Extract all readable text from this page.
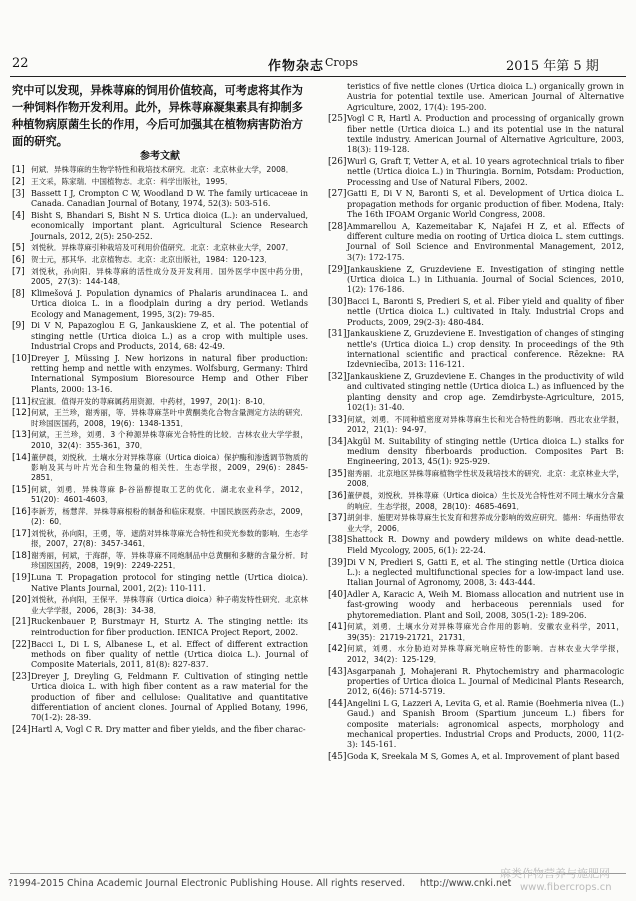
22	作物杂志 Crops	2015 年第 5 期

究中可以发现，异株荨麻的饲用价值较高，可考虑将其作为一种饲料作物开发利用。此外，异株荨麻凝集素具有抑制多种植物病原菌生长的作用，今后可加强其在植物病害防治方面的研究。

参考文献
[1] 何斌．异株荨麻的生物学特性和栽培技术研究．北京：北京林业大学，2008．
[2] 王文采，陈家瑞．中国植物志．北京：科学出版社，1995．
[3] Bassett I J, Crompton C W, Woodland D W. The family urticaceae in Canada. Canadian Journal of Botany, 1974, 52(3): 503-516.
[4] Bisht S, Bhandari S, Bisht N S. Urtica dioica (L.): an undervalued, economically important plant. Agricultural Science Research Journals, 2012, 2(5): 250-252.
[5] 刘悦秋．异株荨麻引种栽培及可利用价值研究．北京：北京林业大学，2007．
[6] 贺士元，那其华．北京植物志．北京：北京出版社，1984：120-123．
[7] 刘悦秋，孙向阳．异株荨麻的活性成分及开发利用．国外医学中医中药分册，2005，27(3)：144-148．
[8] Klimešová J. Population dynamics of Phalaris arundinacea L. and Urtica dioica L. in a floodplain during a dry period. Wetlands Ecology and Management, 1995, 3(2): 79-85.
[9] Di V N, Papazoglou E G, Jankauskiene Z, et al. The potential of stinging nettle (Urtica dioica L.) as a crop with multiple uses. Industrial Crops and Products, 2014, 68: 42-49.
[10] Dreyer J, Müssing J. New horizons in natural fiber production: retting hemp and nettle with enzymes. Wolfsburg, Germany: Third International Symposium Bioresource Hemp and Other Fiber Plants, 2000: 13-16.
[11] 权宜淑．值得开发的荨麻属药用资源．中药材，1997，20(1)：8-10．
[12] 何斌，王兰珍，谢秀丽，等．异株荨麻茎叶中黄酮类化合物含量测定方法的研究．时珍国医国药，2008，19(6)：1348-1351．
[13] 何斌，王兰珍，刘勇．3 个种源异株荨麻光合特性的比较．吉林农业大学学报，2010，32(4)：355-361，370．
[14] 董伊晨，刘悦秋．土壤水分对异株荨麻（Urtica dioica）保护酶和渗透调节物质的影响及其与叶片光合和生物量的相关性．生态学报，2009，29(6)：2845-2851．
[15] 何斌，刘勇．异株荨麻 β-谷甾醇提取工艺的优化．湖北农业科学，2012，51(20)：4601-4603．
[16] 李新芳，杨慧萍．异株荨麻根粉的制备和临床观察．中国民族医药杂志，2009，(2)：60．
[17] 刘悦秋，孙向阳，王勇，等．遮荫对异株荨麻光合特性和荧光参数的影响．生态学报，2007，27(8)：3457-3461．
[18] 谢秀丽，何斌，于海群，等．异株荨麻不同炮制品中总黄酮和多糖的含量分析．时珍国医国药，2008，19(9)：2249-2251．
[19] Luna T. Propagation protocol for stinging nettle (Urtica dioica). Native Plants Journal, 2001, 2(2): 110-111.
[20] 刘悦秋，孙向阳，王保平．异株荨麻（Urtica dioica）种子萌发特性研究．北京林业大学学报，2006，28(3)：34-38．
[21] Ruckenbauer P, Burstmayr H, Sturtz A. The stinging nettle: its reintroduction for fiber production. IENICA Project Report, 2002.
[22] Bacci L, Di L S, Albanese L, et al. Effect of different extraction methods on fiber quality of nettle (Urtica dioica L.). Journal of Composite Materials, 2011, 81(8): 827-837.
[23] Dreyer J, Dreyling G, Feldmann F. Cultivation of stinging nettle Urtica dioica L. with high fiber content as a raw material for the production of fiber and cellulose: Qualitative and quantitative differentiation of ancient clones. Journal of Applied Botany, 1996, 70(1-2): 28-39.
[24] Hartl A, Vogl C R. Dry matter and fiber yields, and the fiber charac-
teristics of five nettle clones (Urtica dioica L.) organically grown in Austria for potential textile use. American Journal of Alternative Agriculture, 2002, 17(4): 195-200.
[25] Vogl C R, Hartl A. Production and processing of organically grown fiber nettle (Urtica dioica L.) and its potential use in the natural textile industry. American Journal of Alternative Agriculture, 2003, 18(3): 119-128.
[26] Wurl G, Graft T, Vetter A, et al. 10 years agrotechnical trials to fiber nettle (Urtica dioica L.) in Thuringia. Bornim, Potsdam: Production, Processing and Use of Natural Fibers, 2002.
[27] Gatti E, Di V N, Baronti S, et al. Development of Urtica dioica L. propagation methods for organic production of fiber. Modena, Italy: The 16th IFOAM Organic World Congress, 2008.
[28] Ammarellou A, Kazemeitabar K, Najafei H Z, et al. Effects of different culture media on rooting of Urtica dioica L. stem cuttings. Journal of Soil Science and Environmental Management, 2012, 3(7): 172-175.
[29] Jankauskiene Z, Gruzdeviene E. Investigation of stinging nettle (Urtica dioica L.) in Lithuania. Journal of Social Sciences, 2010, 1(2): 176-186.
[30] Bacci L, Baronti S, Predieri S, et al. Fiber yield and quality of fiber nettle (Urtica dioica L.) cultivated in Italy. Industrial Crops and Products, 2009, 29(2-3): 480-484.
[31] Jankauskiene Z, Gruzdeviene E. Investigation of changes of stinging nettle's (Urtica dioica L.) crop density. In proceedings of the 9th international scientific and practical conference. Rēzekne: RA Izdevniecība, 2013: 116-121.
[32] Jankauskiene Z, Gruzdeviene E. Changes in the productivity of wild and cultivated stinging nettle (Urtica dioica L.) as influenced by the planting density and crop age. Zemdirbyste-Agriculture, 2015, 102(1): 31-40.
[33] 何斌，刘勇．不同种植密度对异株荨麻生长和光合特性的影响．西北农业学报，2012，21(1)：94-97．
[34] Akgül M. Suitability of stinging nettle (Urtica dioica L.) stalks for medium density fiberboards production. Composites Part B: Engineering, 2013, 45(1): 925-929.
[35] 谢秀丽．北京地区异株荨麻植物学性状及栽培技术的研究．北京：北京林业大学，2008．
[36] 董伊晨，刘悦秋．异株荨麻（Urtica dioica）生长及光合特性对不同土壤水分含量的响应．生态学报，2008，28(10)：4685-4691．
[37] 胡剑非．施肥对异株荨麻生长发育和营养成分影响的效应研究．德州：华南热带农业大学，2006．
[38] Shattock R. Downy and powdery mildews on white dead-nettle. Field Mycology, 2005, 6(1): 22-24.
[39] Di V N, Predieri S, Gatti E, et al. The stinging nettle (Urtica dioica L.): a neglected multifunctional species for a low-impact land use. Italian Journal of Agronomy, 2008, 3: 443-444.
[40] Adler A, Karacic A, Weih M. Biomass allocation and nutrient use in fast-growing woody and herbaceous perennials used for phytoremediation. Plant and Soil, 2008, 305(1-2): 189-206.
[41] 何斌，刘勇．土壤水分对异株荨麻光合作用的影响．安徽农业科学，2011，39(35)：21719-21721，21731．
[42] 何斌，刘勇．水分胁迫对异株荨麻光响应特性的影响．吉林农业大学学报，2012，34(2)：125-129．
[43] Asgarpanah J, Mohajerani R. Phytochemistry and pharmacologic properties of Urtica dioica L. Journal of Medicinal Plants Research, 2012, 6(46): 5714-5719.
[44] Angelini L G, Lazzeri A, Levita G, et al. Ramie (Boehmeria nivea (L.) Gaud.) and Spanish Broom (Spartium junceum L.) fibers for composite materials: agronomical aspects, morphology and mechanical properties. Industrial Crops and Products, 2000, 11(2-3): 145-161.
[45] Goda K, Sreekala M S, Gomes A, et al. Improvement of plant based
?1994-2015 China Academic Journal Electronic Publishing House. All rights reserved. http://www.cnki.net
麻类作物营养与施肥网
www.fibercrops.cn
